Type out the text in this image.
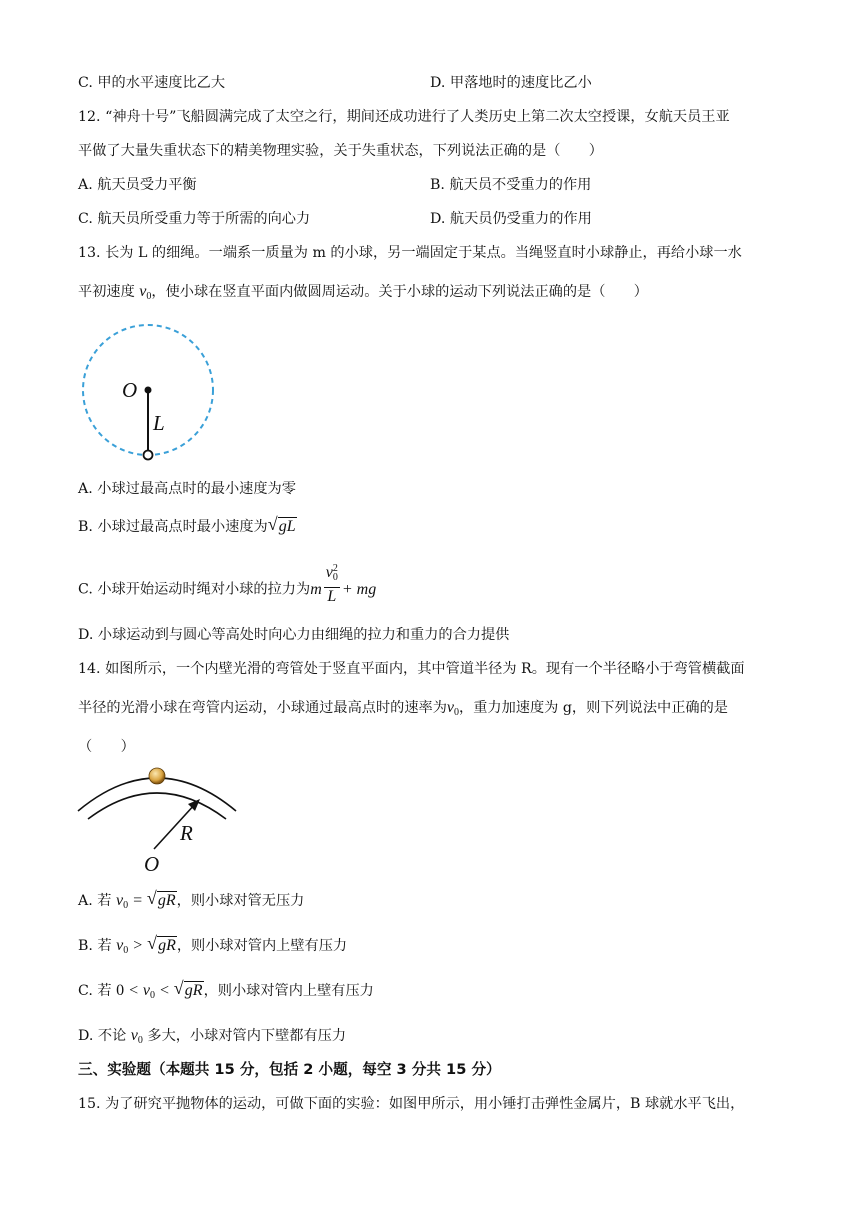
C. 甲的水平速度比乙大	D. 甲落地时的速度比乙小
12. “神舟十号”飞船圆满完成了太空之行，期间还成功进行了人类历史上第二次太空授课，女航天员王亚
平做了大量失重状态下的精美物理实验，关于失重状态，下列说法正确的是（　　）
A. 航天员受力平衡	B. 航天员不受重力的作用
C. 航天员所受重力等于所需的向心力	D. 航天员仍受重力的作用
13. 长为 L 的细绳。一端系一质量为 m 的小球，另一端固定于某点。当绳竖直时小球静止，再给小球一水
平初速度 $v_0$，使小球在竖直平面内做圆周运动。关于小球的运动下列说法正确的是（　　）
O
L
A. 小球过最高点时的最小速度为零
B. 小球过最高点时最小速度为 √ gL
C. 小球开始运动时绳对小球的拉力为m $\frac{v_0^2}{L}$ + mg
D. 小球运动到与圆心等高处时向心力由细绳的拉力和重力的合力提供
14. 如图所示，一个内壁光滑的弯管处于竖直平面内，其中管道半径为 R。现有一个半径略小于弯管横截面
半径的光滑小球在弯管内运动，小球通过最高点时的速率为$v_0$，重力加速度为 g，则下列说法中正确的是
（　　）
R
O
A. 若 $v_0$ = √ gR，则小球对管无压力
B. 若 $v_0$ > √ gR，则小球对管内上壁有压力
C. 若 $0 < v_0$ < √ gR，则小球对管内上壁有压力
D. 不论 $v_0$ 多大，小球对管内下壁都有压力
三、实验题（本题共 15 分，包括 2 小题，每空 3 分共 15 分）
15. 为了研究平抛物体的运动，可做下面的实验：如图甲所示，用小锤打击弹性金属片，B 球就水平飞出，
